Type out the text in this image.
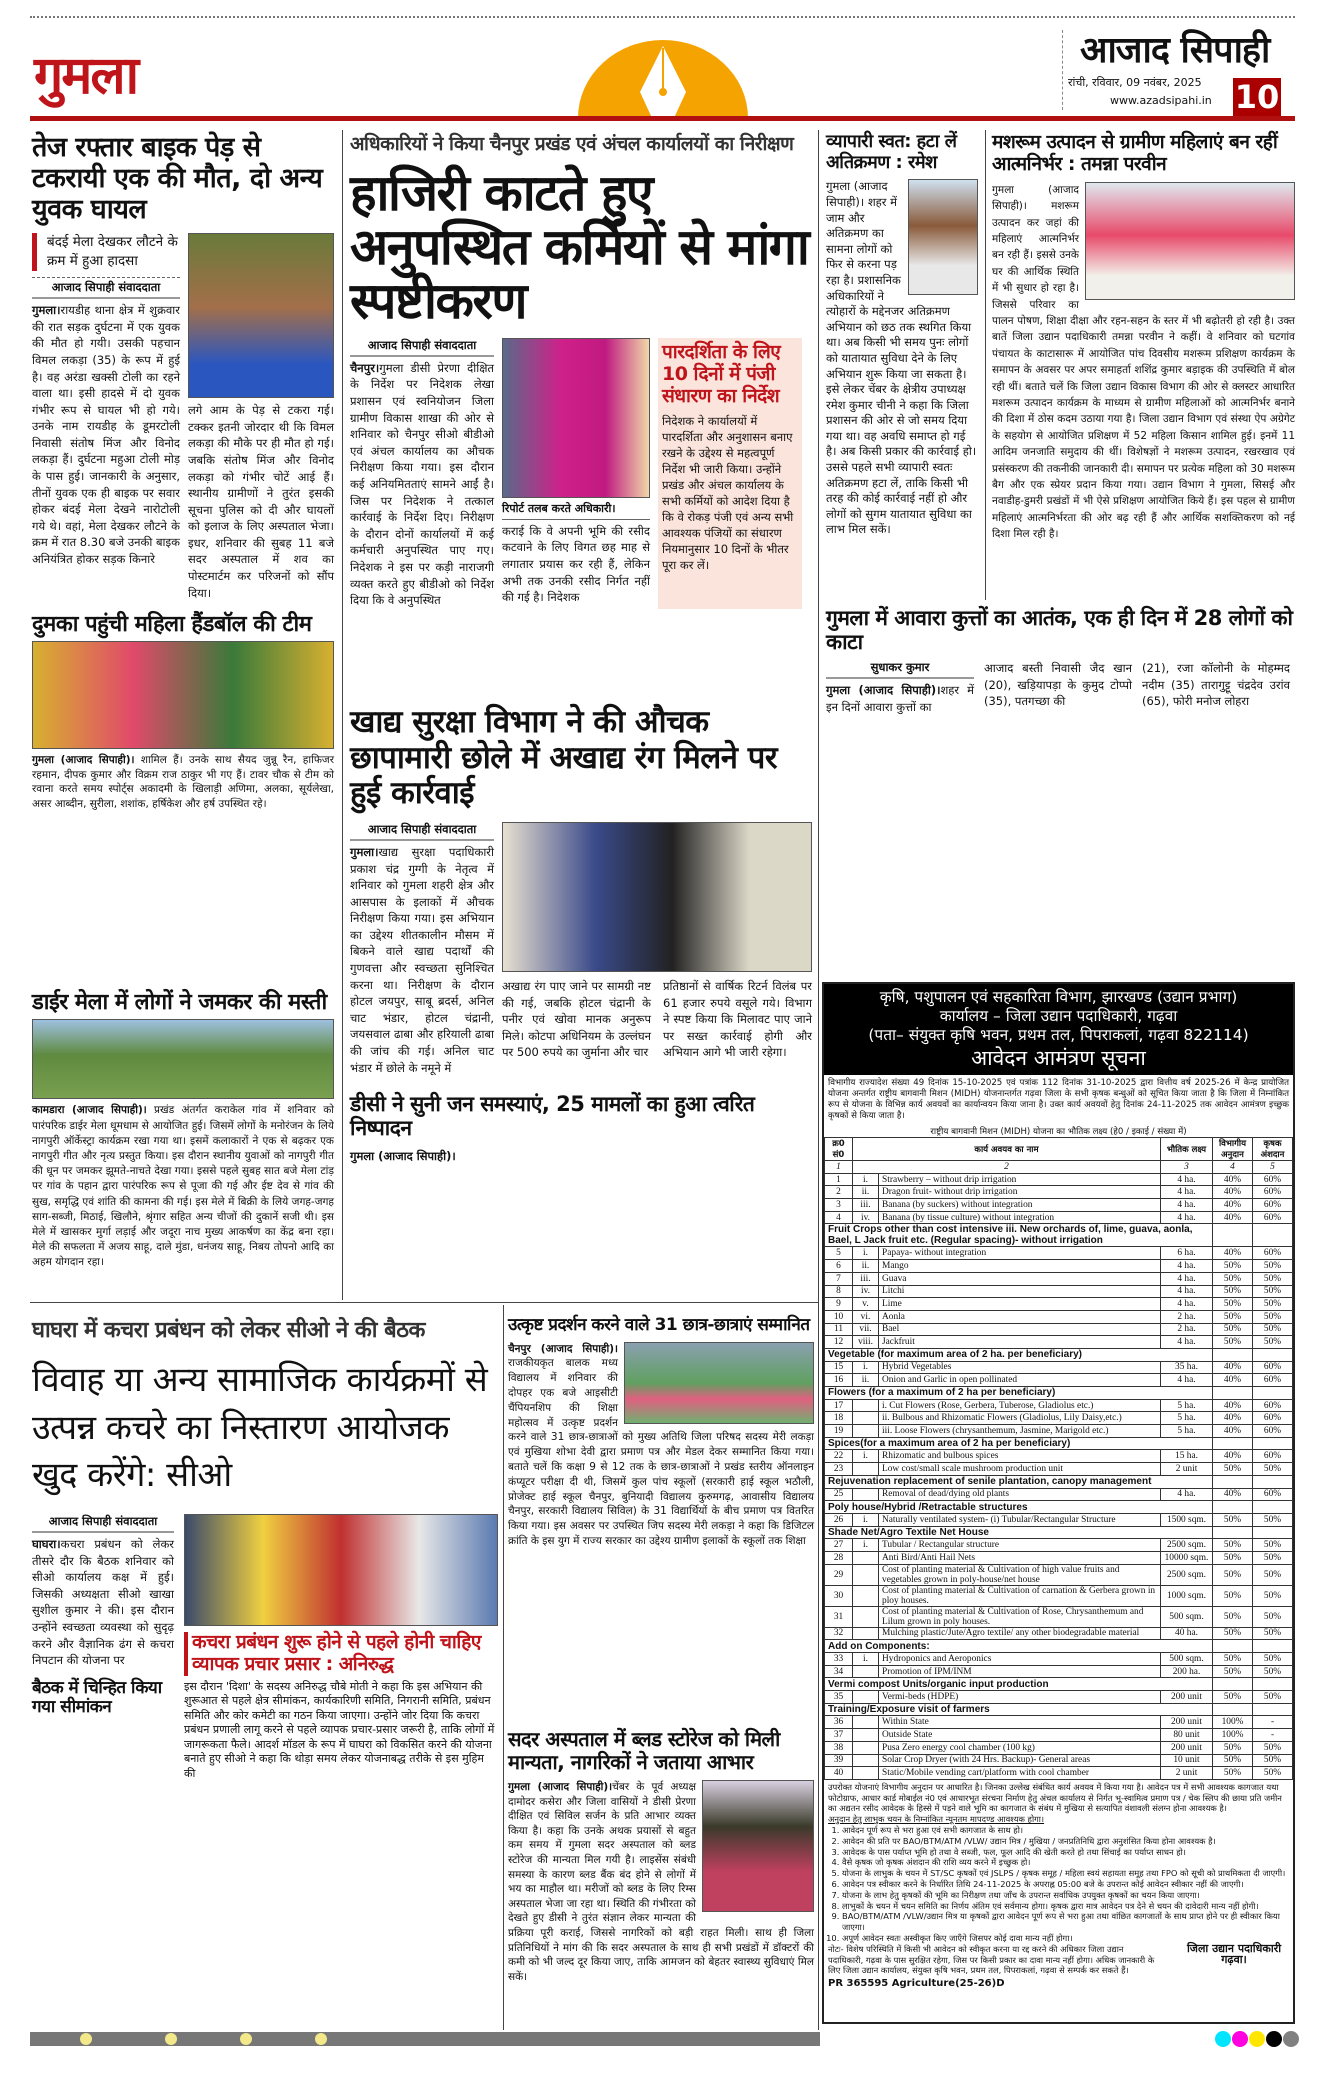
गुमला	आजाद सिपाही
रांची, रविवार, 09 नवंबर, 2025
www.azadsipahi.in 10
तेज रफ्तार बाइक पेड़ से टकरायी एक की मौत, दो अन्य युवक घायल
बंदई मेला देखकर लौटने के क्रम में हुआ हादसा
आजाद सिपाही संवाददाता
गुमला।रायडीह थाना क्षेत्र में शुक्रवार की रात सड़क दुर्घटना में एक युवक की मौत हो गयी। उसकी पहचान विमल लकड़ा (35) के रूप में हुई है। वह अरंडा खक्सी टोली का रहने वाला था। इसी हादसे में दो युवक गंभीर रूप से घायल भी हो गये। उनके नाम रायडीह के डूमरटोली निवासी संतोष मिंज और विनोद लकड़ा हैं। दुर्घटना महुआ टोली मोड़ के पास हुई। जानकारी के अनुसार, तीनों युवक एक ही बाइक पर सवार होकर बंदई मेला देखने नारोटोली गये थे। वहां, मेला देखकर लौटने के क्रम में रात 8.30 बजे उनकी बाइक अनियंत्रित होकर सड़क किनारे
लगे आम के पेड़ से टकरा गई। टक्कर इतनी जोरदार थी कि विमल लकड़ा की मौके पर ही मौत हो गई। जबकि संतोष मिंज और विनोद लकड़ा को गंभीर चोटें आई हैं। स्थानीय ग्रामीणों ने तुरंत इसकी सूचना पुलिस को दी और घायलों को इलाज के लिए अस्पताल भेजा। इधर, शनिवार की सुबह 11 बजे सदर अस्पताल में शव का पोस्टमार्टम कर परिजनों को सौंप दिया।
दुमका पहुंची महिला हैंडबॉल की टीम
गुमला (आजाद सिपाही)। शामिल हैं। उनके साथ सैयद जुन्नू रैन, हाफिजर रहमान, दीपक कुमार और विक्रम राज ठाकुर भी गए हैं। टावर चौक से टीम को रवाना करते समय स्पोर्ट्स अकादमी के खिलाड़ी अणिमा, अलका, सूर्यलेखा, असर आब्दीन, सुरीला, शशांक, हर्षिकेश और हर्ष उपस्थित रहे।
डाईर मेला में लोगों ने जमकर की मस्ती
कामडारा (आजाद सिपाही)। प्रखंड अंतर्गत कराकेल गांव में शनिवार को पारंपरिक डाईर मेला धूमधाम से आयोजित हुई। जिसमें लोगों के मनोरंजन के लिये नागपुरी ऑर्केस्ट्रा कार्यक्रम रखा गया था। इसमें कलाकारों ने एक से बढ़कर एक नागपुरी गीत और नृत्य प्रस्तुत किया। इस दौरान स्थानीय युवाओं को नागपुरी गीत की धून पर जमकर झूमते-नाचते देखा गया। इससे पहले सुबह सात बजे मेला टांड़ पर गांव के पहान द्वारा पारंपरिक रूप से पूजा की गई और ईष्ट देव से गांव की सुख, समृद्धि एवं शांति की कामना की गई। इस मेले में बिक्री के लिये जगह-जगह साग-सब्जी, मिठाई, खिलौने, श्रृंगार सहित अन्य चीजों की दुकानें सजी थी। इस मेले में खासकर मुर्गा लड़ाई और जदूरा नाच मुख्य आकर्षण का केंद्र बना रहा। मेले की सफलता में अजय साहू, दाले मुंडा, धनंजय साहू, निबय तोपनो आदि का अहम योगदान रहा।
अधिकारियों ने किया चैनपुर प्रखंड एवं अंचल कार्यालयों का निरीक्षण
हाजिरी काटते हुए अनुपस्थित कर्मियों से मांगा स्पष्टीकरण
आजाद सिपाही संवाददाता
चैनपुर।गुमला डीसी प्रेरणा दीक्षित के निर्देश पर निदेशक लेखा प्रशासन एवं स्वनियोजन जिला ग्रामीण विकास शाखा की ओर से शनिवार को चैनपुर सीओ बीडीओ एवं अंचल कार्यालय का औचक निरीक्षण किया गया। इस दौरान कई अनियमितताएं सामने आईं है। जिस पर निदेशक ने तत्काल कार्रवाई के निर्देश दिए। निरीक्षण के दौरान दोनों कार्यालयों में कई कर्मचारी अनुपस्थित पाए गए। निदेशक ने इस पर कड़ी नाराजगी व्यक्त करते हुए बीडीओ को निर्देश दिया कि वे अनुपस्थित
रिपोर्ट तलब करते अधिकारी।
कराई कि वे अपनी भूमि की रसीद कटवाने के लिए विगत छह माह से लगातार प्रयास कर रही हैं, लेकिन अभी तक उनकी रसीद निर्गत नहीं की गई है। निदेशक
पारदर्शिता के लिए 10 दिनों में पंजी संधारण का निर्देश
निदेशक ने कार्यालयों में पारदर्शिता और अनुशासन बनाए रखने के उद्देश्य से महत्वपूर्ण निर्देश भी जारी किया। उन्होंने प्रखंड और अंचल कार्यालय के सभी कर्मियों को आदेश दिया है कि वे रोकड़ पंजी एवं अन्य सभी आवश्यक पंजियों का संधारण नियमानुसार 10 दिनों के भीतर पूरा कर लें।
खाद्य सुरक्षा विभाग ने की औचक छापामारी छोले में अखाद्य रंग मिलने पर हुई कार्रवाई
आजाद सिपाही संवाददाता
गुमला।खाद्य सुरक्षा पदाधिकारी प्रकाश चंद्र गुग्गी के नेतृत्व में शनिवार को गुमला शहरी क्षेत्र और आसपास के इलाकों में औचक निरीक्षण किया गया। इस अभियान का उद्देश्य शीतकालीन मौसम में बिकने वाले खाद्य पदार्थों की गुणवत्ता और स्वच्छता सुनिश्चित करना था। निरीक्षण के दौरान होटल जयपुर, साबू ब्रदर्स, अनिल चाट भंडार, होटल चंद्रानी, जयसवाल ढाबा और हरियाली ढाबा की जांच की गई। अनिल चाट भंडार में छोले के नमूने में
अखाद्य रंग पाए जाने पर सामग्री नष्ट की गई, जबकि होटल चंद्रानी के पनीर एवं खोवा मानक अनुरूप मिले। कोटपा अधिनियम के उल्लंघन पर 500 रुपये का जुर्माना और चार
प्रतिष्ठानों से वार्षिक रिटर्न विलंब पर 61 हजार रुपये वसूले गये। विभाग ने स्पष्ट किया कि मिलावट पाए जाने पर सख्त कार्रवाई होगी और अभियान आगे भी जारी रहेगा।
डीसी ने सुनी जन समस्याएं, 25 मामलों का हुआ त्वरित निष्पादन
गुमला (आजाद सिपाही)।
व्यापारी स्वत: हटा लें अतिक्रमण : रमेश
गुमला (आजाद सिपाही)। शहर में जाम और अतिक्रमण का सामना लोगों को फिर से करना पड़ रहा है। प्रशासनिक अधिकारियों ने त्योहारों के मद्देनजर अतिक्रमण अभियान को छठ तक स्थगित किया था। अब किसी भी समय पुनः लोगों को यातायात सुविधा देने के लिए अभियान शुरू किया जा सकता है। इसे लेकर चेंबर के क्षेत्रीय उपाध्यक्ष रमेश कुमार चीनी ने कहा कि जिला प्रशासन की ओर से जो समय दिया गया था। वह अवधि समाप्त हो गई है। अब किसी प्रकार की कार्रवाई हो। उससे पहले सभी व्यापारी स्वतः अतिक्रमण हटा लें, ताकि किसी भी तरह की कोई कार्रवाई नहीं हो और लोगों को सुगम यातायात सुविधा का लाभ मिल सकें।
मशरूम उत्पादन से ग्रामीण महिलाएं बन रहीं आत्मनिर्भर : तमन्ना परवीन
गुमला (आजाद सिपाही)। मशरूम उत्पादन कर जहां की महिलाएं आत्मनिर्भर बन रही हैं। इससे उनके घर की आर्थिक स्थिति में भी सुधार हो रहा है। जिससे परिवार का पालन पोषण, शिक्षा दीक्षा और रहन-सहन के स्तर में भी बढ़ोतरी हो रही है। उक्त बातें जिला उद्यान पदाधिकारी तमन्ना परवीन ने कहीं। वे शनिवार को घटगांव पंचायत के काटासारू में आयोजित पांच दिवसीय मशरूम प्रशिक्षण कार्यक्रम के समापन के अवसर पर अपर समाहर्ता शशिंद्र कुमार बड़ाइक की उपस्थिति में बोल रही थीं। बताते चलें कि जिला उद्यान विकास विभाग की ओर से क्लस्टर आधारित मशरूम उत्पादन कार्यक्रम के माध्यम से ग्रामीण महिलाओं को आत्मनिर्भर बनाने की दिशा में ठोस कदम उठाया गया है। जिला उद्यान विभाग एवं संस्था ऐप अग्रेगेट के सहयोग से आयोजित प्रशिक्षण में 52 महिला किसान शामिल हुई। इनमें 11 आदिम जनजाति समुदाय की थीं। विशेषज्ञों ने मशरूम उत्पादन, रखरखाव एवं प्रसंस्करण की तकनीकी जानकारी दी। समापन पर प्रत्येक महिला को 30 मशरूम बैग और एक स्प्रेयर प्रदान किया गया। उद्यान विभाग ने गुमला, सिसई और नवाडीह-डुमरी प्रखंडों में भी ऐसे प्रशिक्षण आयोजित किये हैं। इस पहल से ग्रामीण महिलाएं आत्मनिर्भरता की ओर बढ़ रही हैं और आर्थिक सशक्तिकरण को नई दिशा मिल रही है।
गुमला में आवारा कुत्तों का आतंक, एक ही दिन में 28 लोगों को काटा
सुधाकर कुमार
गुमला (आजाद सिपाही)।शहर में इन दिनों आवारा कुत्तों का
आजाद बस्ती निवासी जैद खान (20), खड़ियापड़ा के कुमुद टोप्पो (35), पतगच्छा की
(21), रजा कॉलोनी के मोहम्मद नदीम (35) तारागुट्टू चंद्रदेव उरांव (65), फोरी मनोज लोहरा
घाघरा में कचरा प्रबंधन को लेकर सीओ ने की बैठक
विवाह या अन्य सामाजिक कार्यक्रमों से उत्पन्न कचरे का निस्तारण आयोजक खुद करेंगे: सीओ
आजाद सिपाही संवाददाता
घाघरा।कचरा प्रबंधन को लेकर तीसरे दौर कि बैठक शनिवार को सीओ कार्यालय कक्ष में हुई। जिसकी अध्यक्षता सीओ खाखा सुशील कुमार ने की। इस दौरान उन्होंने स्वच्छता व्यवस्था को सुदृढ़ करने और वैज्ञानिक ढंग से कचरा निपटान की योजना पर
बैठक में चिन्हित किया गया सीमांकन
कचरा प्रबंधन शुरू होने से पहले होनी चाहिए व्यापक प्रचार प्रसार : अनिरुद्ध
इस दौरान 'दिशा' के सदस्य अनिरुद्ध चौबे मोती ने कहा कि इस अभियान की शुरूआत से पहले क्षेत्र सीमांकन, कार्यकारिणी समिति, निगरानी समिति, प्रबंधन समिति और कोर कमेटी का गठन किया जाएगा। उन्होंने जोर दिया कि कचरा प्रबंधन प्रणाली लागू करने से पहले व्यापक प्रचार-प्रसार जरूरी है, ताकि लोगों में जागरूकता फैले। आदर्श मॉडल के रूप में घाघरा को विकसित करने की योजना बनाते हुए सीओ ने कहा कि थोड़ा समय लेकर योजनाबद्ध तरीके से इस मुहिम की
उत्कृष्ट प्रदर्शन करने वाले 31 छात्र-छात्राएं सम्मानित
चैनपुर (आजाद सिपाही)।राजकीयकृत बालक मध्य विद्यालय में शनिवार की दोपहर एक बजे आइसीटी चैंपियनशिप की शिक्षा महोत्सव में उत्कृष्ट प्रदर्शन करने वाले 31 छात्र-छात्राओं को मुख्य अतिथि जिला परिषद सदस्य मेरी लकड़ा एवं मुखिया शोभा देवी द्वारा प्रमाण पत्र और मेडल देकर सम्मानित किया गया। बताते चलें कि कक्षा 9 से 12 तक के छात्र-छात्राओं ने प्रखंड स्तरीय ऑनलाइन कंप्यूटर परीक्षा दी थी, जिसमें कुल पांच स्कूलों (सरकारी हाई स्कूल भठौली, प्रोजेक्ट हाई स्कूल चैनपुर, बुनियादी विद्यालय कुरुमगढ़, आवासीय विद्यालय चैनपुर, सरकारी विद्यालय सिविल) के 31 विद्यार्थियों के बीच प्रमाण पत्र वितरित किया गया। इस अवसर पर उपस्थित जिप सदस्य मेरी लकड़ा ने कहा कि डिजिटल क्रांति के इस युग में राज्य सरकार का उद्देश्य ग्रामीण इलाकों के स्कूलों तक शिक्षा
सदर अस्पताल में ब्लड स्टोरेज को मिली मान्यता, नागरिकों ने जताया आभार
गुमला (आजाद सिपाही)।चेंबर के पूर्व अध्यक्ष दामोदर कसेरा और जिला वासियों ने डीसी प्रेरणा दीक्षित एवं सिविल सर्जन के प्रति आभार व्यक्त किया है। कहा कि उनके अथक प्रयासों से बहुत कम समय में गुमला सदर अस्पताल को ब्लड स्टोरेज की मान्यता मिल गयी है। लाइसेंस संबंधी समस्या के कारण ब्लड बैंक बंद होने से लोगों में भय का माहौल था। मरीजों को ब्लड के लिए रिम्स अस्पताल भेजा जा रहा था। स्थिति की गंभीरता को देखते हुए डीसी ने तुरंत संज्ञान लेकर मान्यता की प्रक्रिया पूरी कराई, जिससे नागरिकों को बड़ी राहत मिली। साथ ही जिला प्रतिनिधियों ने मांग की कि सदर अस्पताल के साथ ही सभी प्रखंडों में डॉक्टरों की कमी को भी जल्द दूर किया जाए, ताकि आमजन को बेहतर स्वास्थ्य सुविधाएं मिल सकें।
कृषि, पशुपालन एवं सहकारिता विभाग, झारखण्ड (उद्यान प्रभाग)
कार्यालय – जिला उद्यान पदाधिकारी, गढ़वा
(पता– संयुक्त कृषि भवन, प्रथम तल, पिपराकलां, गढ़वा 822114)
आवेदन आमंत्रण सूचना
विभागीय राज्यादेश संख्या 49 दिनांक 15-10-2025 एवं पत्रांक 112 दिनांक 31-10-2025 द्वारा वित्तीय वर्ष 2025-26 में केन्द्र प्रायोजित योजना अन्तर्गत राष्ट्रीय बागवानी मिशन (MIDH) योजनान्तर्गत गढ़वा जिला के सभी कृषक बन्धुओं को सूचित किया जाता है कि जिला में निम्नांकित रूप से योजना के विभिन्न कार्य अवयवों का कार्यान्वयन किया जाना है। उक्त कार्य अवयवों हेतु दिनांक 24-11-2025 तक आवेदन आमंत्रण इच्छुक कृषकों से किया जाता है।
राष्ट्रीय बागवानी मिशन (MIDH) योजना का भौतिक लक्ष्य (हे0 / इकाई / संख्या में)
क्र0 सं0	कार्य अवयव का नाम		भौतिक लक्ष्य	विभागीय अनुदान	कृषक अंशदान
1	2		3	4	5
1	i.	Strawberry – without drip irrigation	4 ha.	40%	60%
2	ii.	Dragon fruit- without drip irrigation	4 ha.	40%	60%
3	iii.	Banana (by suckers) without integration	4 ha.	40%	60%
4	iv.	Banana (by tissue culture) without integration	4 ha.	40%	60%
Fruit Crops other than cost intensive iii. New orchards of, lime, guava, aonla, Bael, L Jack fruit etc. (Regular spacing)- without irrigation					
5	i.	Papaya- without integration	6 ha.	40%	60%
6	ii.	Mango	4 ha.	50%	50%
7	iii.	Guava	4 ha.	50%	50%
8	iv.	Litchi	4 ha.	50%	50%
9	v.	Lime	4 ha.	50%	50%
10	vi.	Aonla	2 ha.	50%	50%
11	vii.	Bael	2 ha.	50%	50%
12	viii.	Jackfruit	4 ha.	50%	50%
Vegetable (for maximum area of 2 ha. per beneficiary)					
15	i.	Hybrid Vegetables	35 ha.	40%	60%
16	ii.	Onion and Garlic in open pollinated	4 ha.	40%	60%
Flowers (for a maximum of 2 ha per beneficiary)					
17		i. Cut Flowers (Rose, Gerbera, Tuberose, Gladiolus etc.)	5 ha.	40%	60%
18		ii. Bulbous and Rhizomatic Flowers (Gladiolus, Lily Daisy,etc.)	5 ha.	40%	60%
19		iii. Loose Flowers (chrysanthemum, Jasmine, Marigold etc.)	5 ha.	40%	60%
Spices(for a maximum area of 2 ha per beneficiary)					
22	i.	Rhizomatic and bulbous spices	15 ha.	40%	60%
23		Low cost/small scale mushroom production unit	2 unit	50%	50%
Rejuvenation replacement of senile plantation, canopy management					
25		Removal of dead/dying old plants	4 ha.	40%	60%
Poly house/Hybrid /Retractable structures					
26	i.	Naturally ventilated system- (i) Tubular/Rectangular Structure	1500 sqm.	50%	50%
Shade Net/Agro Textile Net House					
27	i.	Tubular / Rectangular structure	2500 sqm.	50%	50%
28		Anti Bird/Anti Hail Nets	10000 sqm.	50%	50%
29		Cost of planting material & Cultivation of high value fruits and vegetables grown in poly-house/net house	2500 sqm.	50%	50%
30		Cost of planting material & Cultivation of carnation & Gerbera grown in ploy houses.	1000 sqm.	50%	50%
31		Cost of planting material & Cultivation of Rose, Chrysanthemum and Lilum grown in poly houses.	500 sqm.	50%	50%
32		Mulching plastic/Jute/Agro textile/ any other biodegradable material	40 ha.	50%	50%
Add on Components:					
33	i.	Hydroponics and Aeroponics	500 sqm.	50%	50%
34		Promotion of IPM/INM	200 ha.	50%	50%
Vermi compost Units/organic input production					
35		Vermi-beds (HDPE)	200 unit	50%	50%
Training/Exposure visit of farmers					
36		Within State	200 unit	100%	-
37		Outside State	80 unit	100%	-
38		Pusa Zero energy cool chamber (100 kg)	200 unit	50%	50%
39		Solar Crop Dryer (with 24 Hrs. Backup)- General areas	10 unit	50%	50%
40		Static/Mobile vending cart/platform with cool chamber	2 unit	50%	50%
उपरोक्त योजनाएं विभागीय अनुदान पर आधारित है। जिनका उल्लेख संबंधित कार्य अवयव में किया गया है। आवेदन पत्र में सभी आवश्यक कागजात यथा फोटोग्राफ, आधार कार्ड मोबाईल नं0 एवं आधारभूत संरचना निर्माण हेतु अंचल कार्यालय से निर्गत भू-स्वामित्व प्रमाण पत्र / चेक स्लिप की छाया प्रति जमीन का अद्यतन रसीद आवेदक के हिस्से में पड़ने वाले भूमि का कागजात के संबंध में मुखिया से सत्यापित वंशावली संलग्न होना आवश्यक है।
अनुदान हेतु लाभुक चयन के निम्नांकित न्यूनतम मापदण्ड आवश्यक होगा।
1. आवेदन पूर्ण रूप से भरा हुआ एवं सभी कागजात के साथ हो।
2. आवेदन की प्रति पर BAO/BTM/ATM /VLW/ उद्यान मित्र / मुखिया / जनप्रतिनिधि द्वारा अनुशंसित किया होना आवश्यक है।
3. आवेदक के पास पर्याप्त भूमि हो तथा वे सब्जी, फल, फूल आदि की खेती करते हो तथा सिंचाई का पर्याप्त साधन हो।
4. वैसे कृषक जो कृषक अंशदान की राशि व्यय करने में इच्छुक हो।
5. योजना के लाभुक के चयन में ST/SC कृषकों एवं JSLPS / कृषक समूह / महिला स्वयं सहायता समूह तथा FPO को सूची को प्राथमिकता दी जाएगी।
6. आवेदन पत्र स्वीकार करने के निर्धारित तिथि 24-11-2025 के अपराह्न 05:00 बजे के उपरान्त कोई आवेदन स्वीकार नहीं की जाएगी।
7. योजना के लाभ हेतु कृषकों की भूमि का निरीक्षण तथा जाँच के उपरान्त सर्वाधिक उपयुक्त कृषकों का चयन किया जाएगा।
8. लाभुकों के चयन में चयन समिति का निर्णय अंतिम एवं सर्वमान्य होगा। कृषक द्वारा मात्र आवेदन पत्र देने से चयन की दावेदारी मान्य नहीं होगी।
9. BAO/BTM/ATM /VLW/उद्यान मित्र या कृषकों द्वारा आवेदन पूर्ण रूप से भरा हुआ तथा वांछित कागजातों के साथ प्राप्त होने पर ही स्वीकार किया जाएगा।
10. अपूर्ण आवेदन स्वतः अस्वीकृत किए जाएँगे जिसपर कोई दावा मान्य नहीं होगा।
नोटः- विशेष परिस्थिति में किसी भी आवेदन को स्वीकृत करना या रद्द करने की अधिकार जिला उद्यान पदाधिकारी, गढ़वा के पास सुरक्षित रहेगा, जिस पर किसी प्रकार का दावा मान्य नहीं होगा। अधिक जानकारी के लिए जिला उद्यान कार्यालय, संयुक्त कृषि भवन, प्रथम तल, पिपराकलां, गढ़वा से सम्पर्क कर सकते हैं।
जिला उद्यान पदाधिकारी गढ़वा।
PR 365595 Agriculture(25-26)D
